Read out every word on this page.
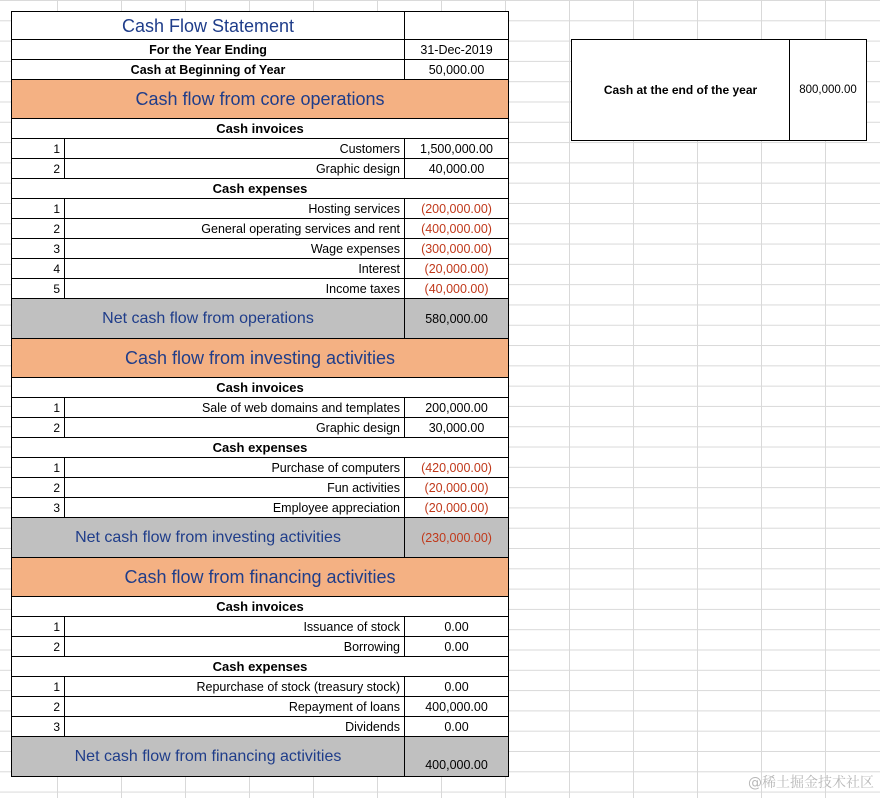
Cash Flow Statement		
For the Year Ending		31-Dec-2019
Cash at Beginning of Year		50,000.00
Cash flow from core operations		
Cash invoices		
1	Customers	1,500,000.00
2	Graphic design	40,000.00
Cash expenses		
1	Hosting services	(200,000.00)
2	General operating services and rent	(400,000.00)
3	Wage expenses	(300,000.00)
4	Interest	(20,000.00)
5	Income taxes	(40,000.00)
Net cash flow from operations		580,000.00
Cash flow from investing activities		
Cash invoices		
1	Sale of web domains and templates	200,000.00
2	Graphic design	30,000.00
Cash expenses		
1	Purchase of computers	(420,000.00)
2	Fun activities	(20,000.00)
3	Employee appreciation	(20,000.00)
Net cash flow from investing activities		(230,000.00)
Cash flow from financing activities		
Cash invoices		
1	Issuance of stock	0.00
2	Borrowing	0.00
Cash expenses		
1	Repurchase of stock (treasury stock)	0.00
2	Repayment of loans	400,000.00
3	Dividends	0.00
Net cash flow from financing activities		400,000.00
Cash at the end of the year	800,000.00
@稀土掘金技术社区
